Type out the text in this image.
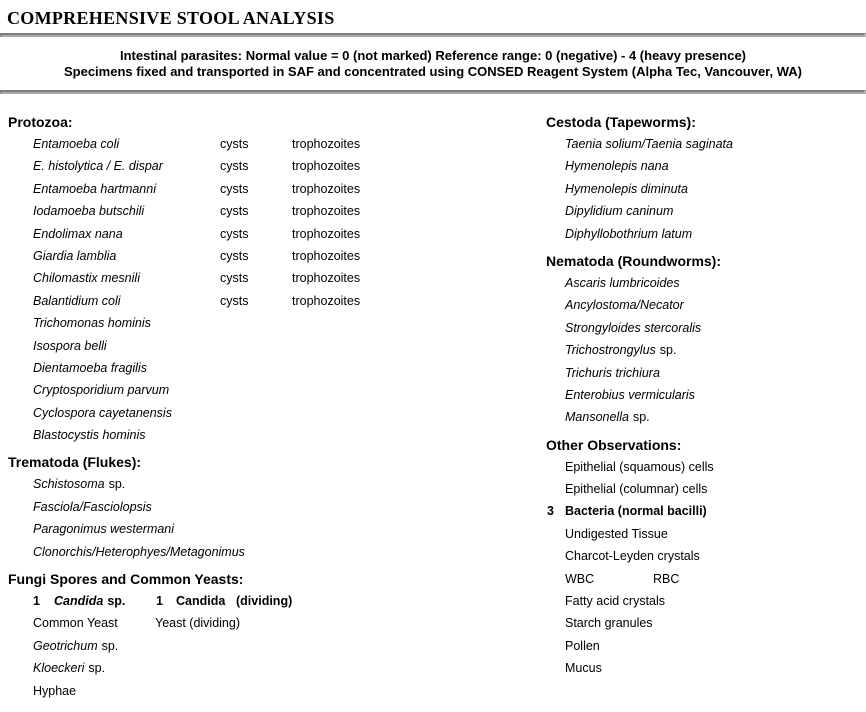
COMPREHENSIVE STOOL ANALYSIS
Intestinal parasites: Normal value = 0 (not marked) Reference range: 0 (negative) - 4 (heavy presence)
Specimens fixed and transported in SAF and concentrated using CONSED Reagent System (Alpha Tec, Vancouver, WA)
Protozoa:
Entamoeba coli	cysts	trophozoites
E. histolytica / E. dispar	cysts	trophozoites
Entamoeba hartmanni	cysts	trophozoites
Iodamoeba butschili	cysts	trophozoites
Endolimax nana	cysts	trophozoites
Giardia lamblia	cysts	trophozoites
Chilomastix mesnili	cysts	trophozoites
Balantidium coli	cysts	trophozoites
Trichomonas hominis
Isospora belli
Dientamoeba fragilis
Cryptosporidium parvum
Cyclospora cayetanensis
Blastocystis hominis
Trematoda (Flukes):
Schistosoma sp.
Fasciola/Fasciolopsis
Paragonimus westermani
Clonorchis/Heterophyes/Metagonimus
Fungi Spores and Common Yeasts:
1	Candida sp.	1	Candida (dividing)
Common Yeast	Yeast (dividing)
Geotrichum sp.
Kloeckeri sp.
Hyphae
Cestoda (Tapeworms):
Taenia solium/Taenia saginata
Hymenolepis nana
Hymenolepis diminuta
Dipylidium caninum
Diphyllobothrium latum
Nematoda (Roundworms):
Ascaris lumbricoides
Ancylostoma/Necator
Strongyloides stercoralis
Trichostrongylus sp.
Trichuris trichiura
Enterobius vermicularis
Mansonella sp.
Other Observations:
Epithelial (squamous) cells
Epithelial (columnar) cells
3 Bacteria (normal bacilli)
Undigested Tissue
Charcot-Leyden crystals
WBC	RBC
Fatty acid crystals
Starch granules
Pollen
Mucus
